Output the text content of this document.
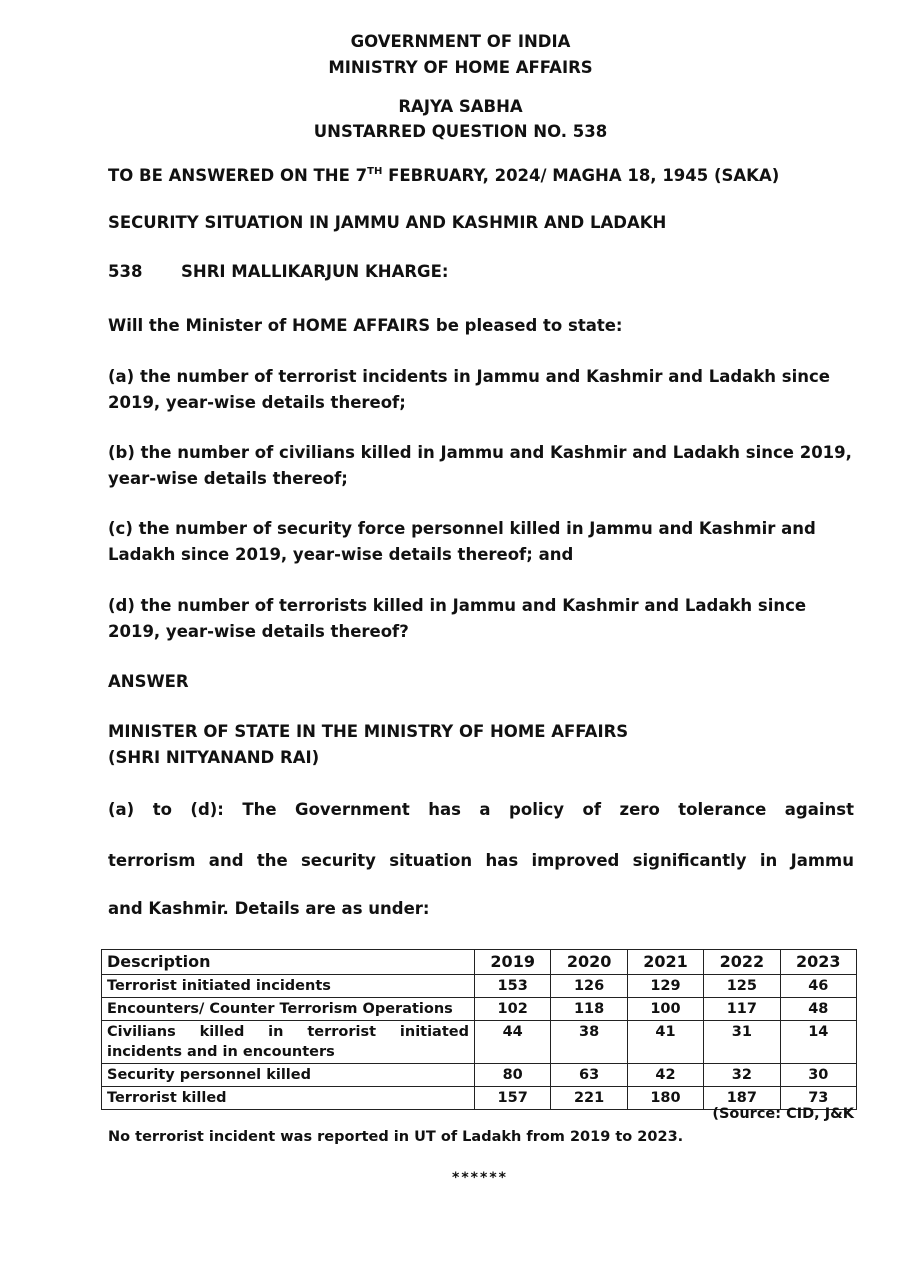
GOVERNMENT OF INDIA
MINISTRY OF HOME AFFAIRS
RAJYA SABHA
UNSTARRED QUESTION NO. 538
TO BE ANSWERED ON THE 7TH FEBRUARY, 2024/ MAGHA 18, 1945 (SAKA)
SECURITY SITUATION IN JAMMU AND KASHMIR AND LADAKH
538 SHRI MALLIKARJUN KHARGE:
Will the Minister of HOME AFFAIRS be pleased to state:
(a) the number of terrorist incidents in Jammu and Kashmir and Ladakh since 2019, year-wise details thereof;
(b) the number of civilians killed in Jammu and Kashmir and Ladakh since 2019, year-wise details thereof;
(c) the number of security force personnel killed in Jammu and Kashmir and Ladakh since 2019, year-wise details thereof; and
(d) the number of terrorists killed in Jammu and Kashmir and Ladakh since 2019, year-wise details thereof?
ANSWER
MINISTER OF STATE IN THE MINISTRY OF HOME AFFAIRS
(SHRI NITYANAND RAI)
(a) to (d): The Government has a policy of zero tolerance against
terrorism and the security situation has improved significantly in Jammu
and Kashmir. Details are as under:
Description	2019	2020	2021	2022	2023
Terrorist initiated incidents	153	126	129	125	46
Encounters/ Counter Terrorism Operations	102	118	100	117	48
Civilians killed in terrorist initiated incidents and in encounters	44	38	41	31	14
Security personnel killed	80	63	42	32	30
Terrorist killed	157	221	180	187	73
(Source: CID, J&K
No terrorist incident was reported in UT of Ladakh from 2019 to 2023.
******
